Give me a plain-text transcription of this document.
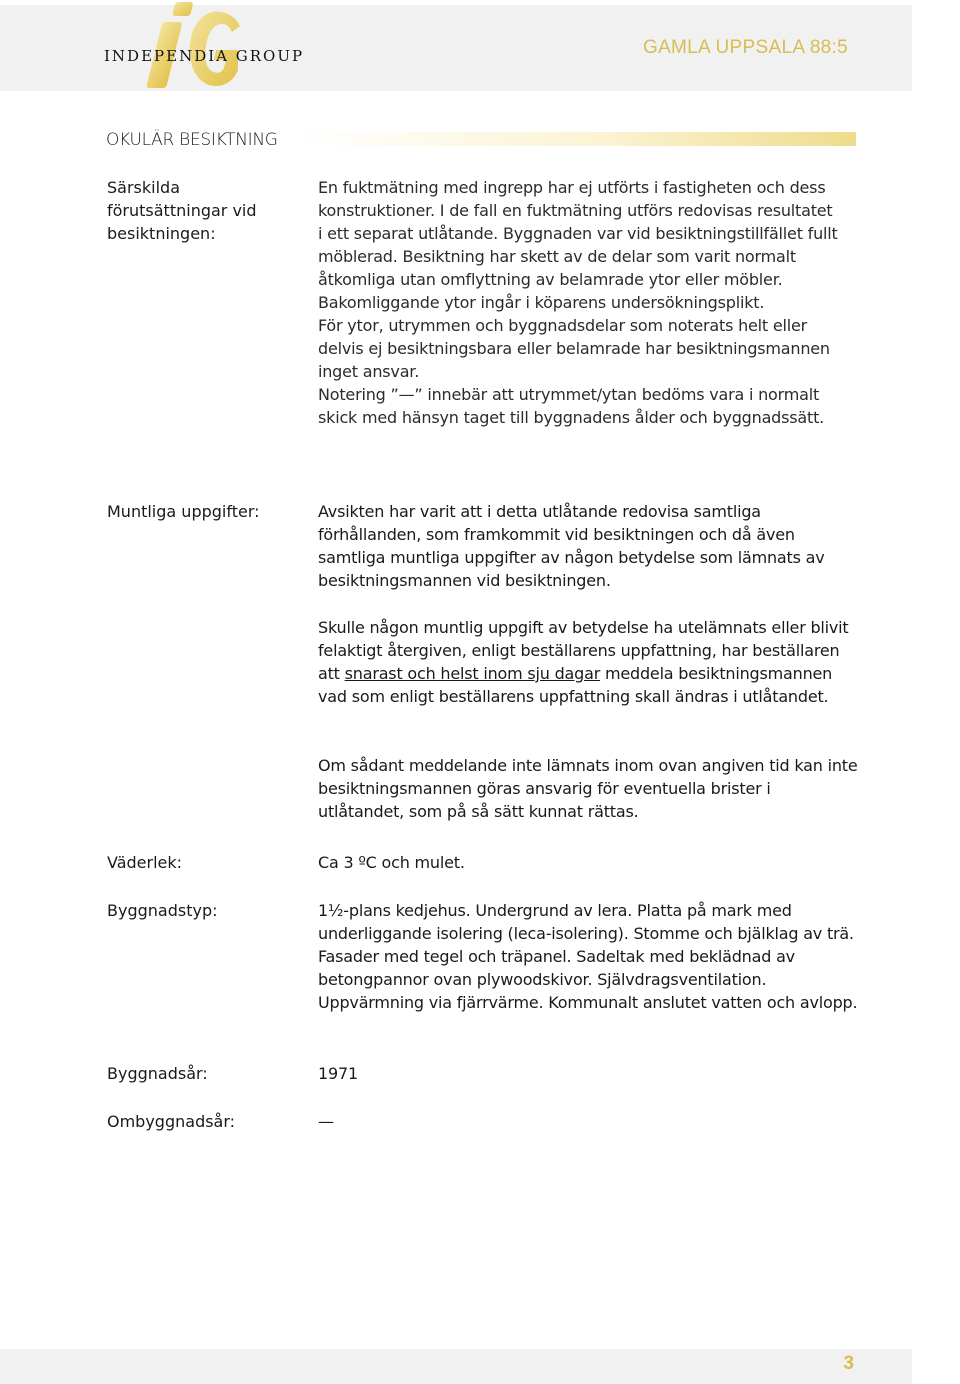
INDEPENDIA GROUP	GAMLA UPPSALA 88:5
OKULÄR BESIKTNING
Särskilda
förutsättningar vid
besiktningen:

En fuktmätning med ingrepp har ej utförts i fastigheten och dess konstruktioner. I de fall en fuktmätning utförs redovisas resultatet i ett separat utlåtande. Byggnaden var vid besiktningstillfället fullt möblerad. Besiktning har skett av de delar som varit normalt åtkomliga utan omflyttning av belamrade ytor eller möbler. Bakomliggande ytor ingår i köparens undersökningsplikt.

För ytor, utrymmen och byggnadsdelar som noterats helt eller delvis ej besiktningsbara eller belamrade har besiktningsmannen inget ansvar.

Notering ”—” innebär att utrymmet/ytan bedöms vara i normalt skick med hänsyn taget till byggnadens ålder och byggnadssätt.

Muntliga uppgifter:	Avsikten har varit att i detta utlåtande redovisa samtliga förhållanden, som framkommit vid besiktningen och då även samtliga muntliga uppgifter av någon betydelse som lämnats av besiktningsmannen vid besiktningen.
Skulle någon muntlig uppgift av betydelse ha utelämnats eller blivit felaktigt återgiven, enligt beställarens uppfattning, har beställaren att snarast och helst inom sju dagar meddela besiktningsmannen vad som enligt beställarens uppfattning skall ändras i utlåtandet.
Om sådant meddelande inte lämnats inom ovan angiven tid kan inte besiktningsmannen göras ansvarig för eventuella brister i utlåtandet, som på så sätt kunnat rättas.
Väderlek:	Ca 3 ºC och mulet.
Byggnadstyp:	1½-plans kedjehus. Undergrund av lera. Platta på mark med underliggande isolering (leca-isolering). Stomme och bjälklag av trä. Fasader med tegel och träpanel. Sadeltak med beklädnad av betongpannor ovan plywoodskivor. Självdragsventilation. Uppvärmning via fjärrvärme. Kommunalt anslutet vatten och avlopp.
Byggnadsår:	1971
Ombyggnadsår:	—
3
